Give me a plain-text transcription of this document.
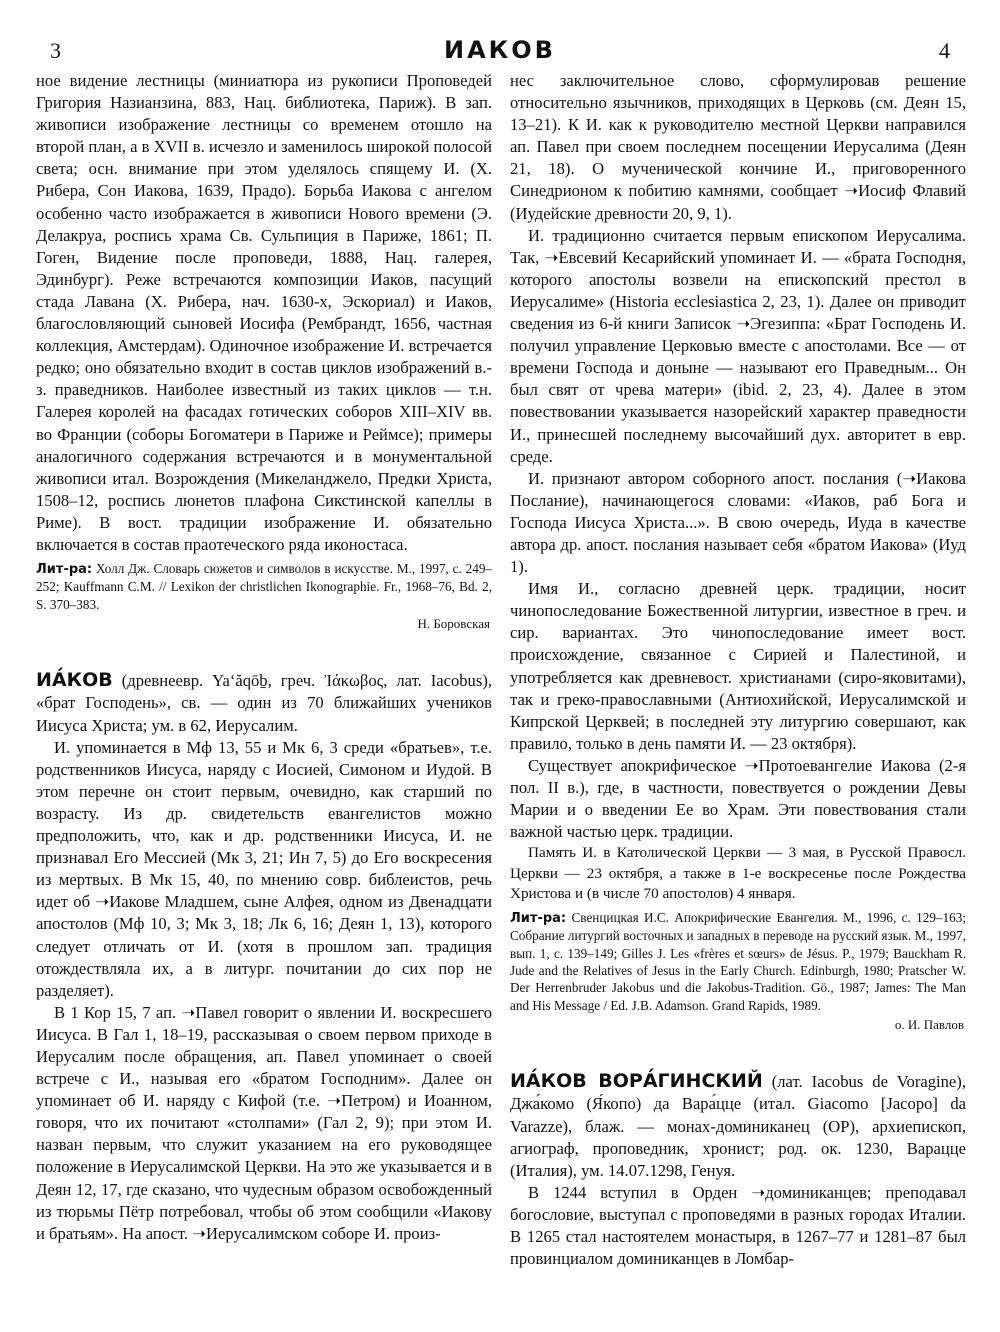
3	ИАКОВ	4

ное видение лестницы (миниатюра из рукописи Проповедей Григория Назианзина, 883, Нац. библиотека, Париж). В зап. живописи изображение лестницы со временем отошло на второй план, а в XVII в. исчезло и заменилось широкой полосой света; осн. внимание при этом уделялось спящему И. (Х. Рибера, Сон Иакова, 1639, Прадо). Борьба Иакова с ангелом особенно часто изображается в живописи Нового времени (Э. Делакруа, роспись храма Св. Сульпиция в Париже, 1861; П. Гоген, Видение после проповеди, 1888, Нац. галерея, Эдинбург). Реже встречаются композиции Иаков, пасущий стада Лавана (Х. Рибера, нач. 1630-х, Эскориал) и Иаков, благословляющий сыновей Иосифа (Рембрандт, 1656, частная коллекция, Амстердам). Одиночное изображение И. встречается редко; оно обязательно входит в состав циклов изображений в.-з. праведников. Наиболее известный из таких циклов — т.н. Галерея королей на фасадах готических соборов XIII–XIV вв. во Франции (соборы Богоматери в Париже и Реймсе); примеры аналогичного содержания встречаются и в монументальной живописи итал. Возрождения (Микеланджело, Предки Христа, 1508–12, роспись люнетов плафона Сикстинской капеллы в Риме). В вост. традиции изображение И. обязательно включается в состав праотеческого ряда иконостаса.

Лит-ра: Холл Дж. Словарь сюжетов и символов в искусстве. М., 1997, с. 249–252; Kauffmann C.M. // Lexikon der christlichen Ikonographie. Fr., 1968–76, Bd. 2, S. 370–383.

Н. Боровская

ИА́КОВ (древнеевр. Ya‘ăqōḇ, греч. Ἰάκωβος, лат. Iacobus), «брат Господень», св. — один из 70 ближайших учеников Иисуса Христа; ум. в 62, Иерусалим.

И. упоминается в Мф 13, 55 и Мк 6, 3 среди «братьев», т.е. родственников Иисуса, наряду с Иосией, Симоном и Иудой. В этом перечне он стоит первым, очевидно, как старший по возрасту. Из др. свидетельств евангелистов можно предположить, что, как и др. родственники Иисуса, И. не признавал Его Мессией (Мк 3, 21; Ин 7, 5) до Его воскресения из мертвых. В Мк 15, 40, по мнению совр. библеистов, речь идет об ➝Иакове Младшем, сыне Алфея, одном из Двенадцати апостолов (Мф 10, 3; Мк 3, 18; Лк 6, 16; Деян 1, 13), которого следует отличать от И. (хотя в прошлом зап. традиция отождествляла их, а в литург. почитании до сих пор не разделяет).

В 1 Кор 15, 7 ап. ➝Павел говорит о явлении И. воскресшего Иисуса. В Гал 1, 18–19, рассказывая о своем первом приходе в Иерусалим после обращения, ап. Павел упоминает о своей встрече с И., называя его «братом Господним». Далее он упоминает об И. наряду с Кифой (т.е. ➝Петром) и Иоанном, говоря, что их почитают «столпами» (Гал 2, 9); при этом И. назван первым, что служит указанием на его руководящее положение в Иерусалимской Церкви. На это же указывается и в Деян 12, 17, где сказано, что чудесным образом освобожденный из тюрьмы Пётр потребовал, чтобы об этом сообщили «Иакову и братьям». На апост. ➝Иерусалимском соборе И. произ-

нес заключительное слово, сформулировав решение относительно язычников, приходящих в Церковь (см. Деян 15, 13–21). К И. как к руководителю местной Церкви направился ап. Павел при своем последнем посещении Иерусалима (Деян 21, 18). О мученической кончине И., приговоренного Синедрионом к побитию камнями, сообщает ➝Иосиф Флавий (Иудейские древности 20, 9, 1).

И. традиционно считается первым епископом Иерусалима. Так, ➝Евсевий Кесарийский упоминает И. — «брата Господня, которого апостолы возвели на епископский престол в Иерусалиме» (Historia ecclesiastica 2, 23, 1). Далее он приводит сведения из 6-й книги Записок ➝Эгезиппа: «Брат Господень И. получил управление Церковью вместе с апостолами. Все — от времени Господа и доныне — называют его Праведным... Он был свят от чрева матери» (ibid. 2, 23, 4). Далее в этом повествовании указывается назорейский характер праведности И., принесшей последнему высочайший дух. авторитет в евр. среде.

И. признают автором соборного апост. послания (➝Иакова Послание), начинающегося словами: «Иаков, раб Бога и Господа Иисуса Христа...». В свою очередь, Иуда в качестве автора др. апост. послания называет себя «братом Иакова» (Иуд 1).

Имя И., согласно древней церк. традиции, носит чинопоследование Божественной литургии, известное в греч. и сир. вариантах. Это чинопоследование имеет вост. происхождение, связанное с Сирией и Палестиной, и употребляется как древневост. христианами (сиро-яковитами), так и греко-православными (Антиохийской, Иерусалимской и Кипрской Церквей; в последней эту литургию совершают, как правило, только в день памяти И. — 23 октября).

Существует апокрифическое ➝Протоевангелие Иакова (2-я пол. II в.), где, в частности, повествуется о рождении Девы Марии и о введении Ее во Храм. Эти повествования стали важной частью церк. традиции.

Память И. в Католической Церкви — 3 мая, в Русской Правосл. Церкви — 23 октября, а также в 1-е воскресенье после Рождества Христова и (в числе 70 апостолов) 4 января.

Лит-ра: Свенцицкая И.С. Апокрифические Евангелия. М., 1996, с. 129–163; Собрание литургий восточных и западных в переводе на русский язык. М., 1997, вып. 1, с. 139–149; Gilles J. Les «frères et sœurs» de Jésus. P., 1979; Bauckham R. Jude and the Relatives of Jesus in the Early Church. Edinburgh, 1980; Pratscher W. Der Herrenbruder Jakobus und die Jakobus-Tradition. Gö., 1987; James: The Man and His Message / Ed. J.B. Adamson. Grand Rapids, 1989.

о. И. Павлов

ИА́КОВ ВОРА́ГИНСКИЙ (лат. Iacobus de Voragine), Джа́комо (Я́копо) да Вара́цце (итал. Giacomo [Jacopo] da Varazze), блаж. — монах-доминиканец (OP), архиепископ, агиограф, проповедник, хронист; род. ок. 1230, Варацце (Италия), ум. 14.07.1298, Генуя.

В 1244 вступил в Орден ➝доминиканцев; преподавал богословие, выступал с проповедями в разных городах Италии. В 1265 стал настоятелем монастыря, в 1267–77 и 1281–87 был провинциалом доминиканцев в Ломбар-
